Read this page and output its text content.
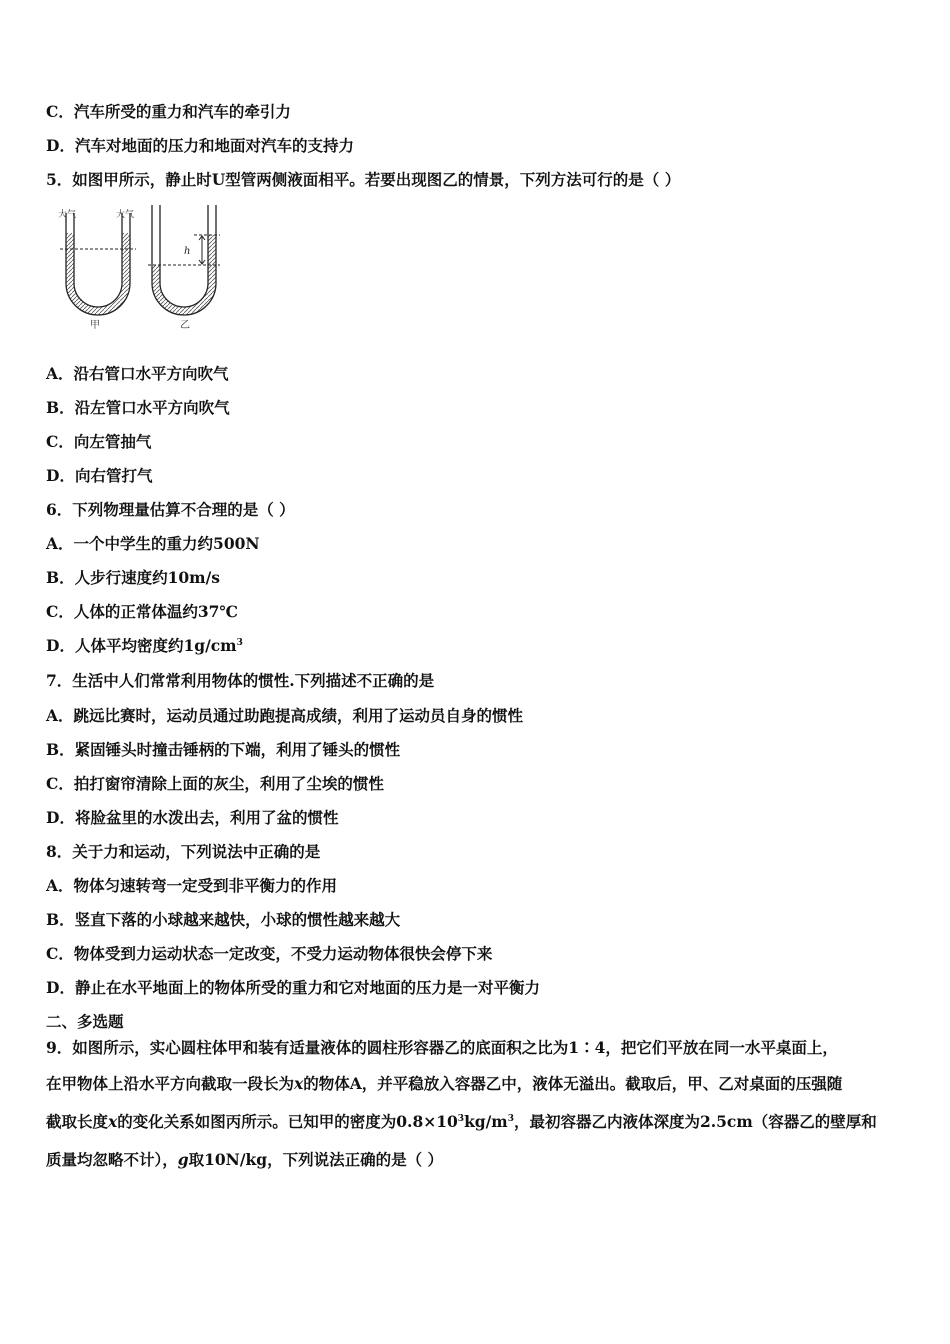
C．汽车所受的重力和汽车的牵引力
D．汽车对地面的压力和地面对汽车的支持力
5．如图甲所示，静止时U型管两侧液面相平。若要出现图乙的情景，下列方法可行的是（ ）
大气	大气
甲
h
乙
A．沿右管口水平方向吹气
B．沿左管口水平方向吹气
C．向左管抽气
D．向右管打气
6．下列物理量估算不合理的是（ ）
A．一个中学生的重力约500N
B．人步行速度约10m/s
C．人体的正常体温约37℃
D．人体平均密度约$1g/cm^3$
7．生活中人们常常利用物体的惯性.下列描述不正确的是
A．跳远比赛时，运动员通过助跑提高成绩，利用了运动员自身的惯性
B．紧固锤头时撞击锤柄的下端，利用了锤头的惯性
C．拍打窗帘清除上面的灰尘，利用了尘埃的惯性
D．将脸盆里的水泼出去，利用了盆的惯性
8．关于力和运动，下列说法中正确的是
A．物体匀速转弯一定受到非平衡力的作用
B．竖直下落的小球越来越快，小球的惯性越来越大
C．物体受到力运动状态一定改变，不受力运动物体很快会停下来
D．静止在水平地面上的物体所受的重力和它对地面的压力是一对平衡力
二、多选题
9．如图所示，实心圆柱体甲和装有适量液体的圆柱形容器乙的底面积之比为1∶4，把它们平放在同一水平桌面上，
在甲物体上沿水平方向截取一段长为x的物体A，并平稳放入容器乙中，液体无溢出。截取后，甲、乙对桌面的压强随
截取长度x的变化关系如图丙所示。已知甲的密度为$0.8\times 10^3kg/m^3$，最初容器乙内液体深度为2.5cm（容器乙的壁厚和
质量均忽略不计），g取10N/kg，下列说法正确的是（ ）
